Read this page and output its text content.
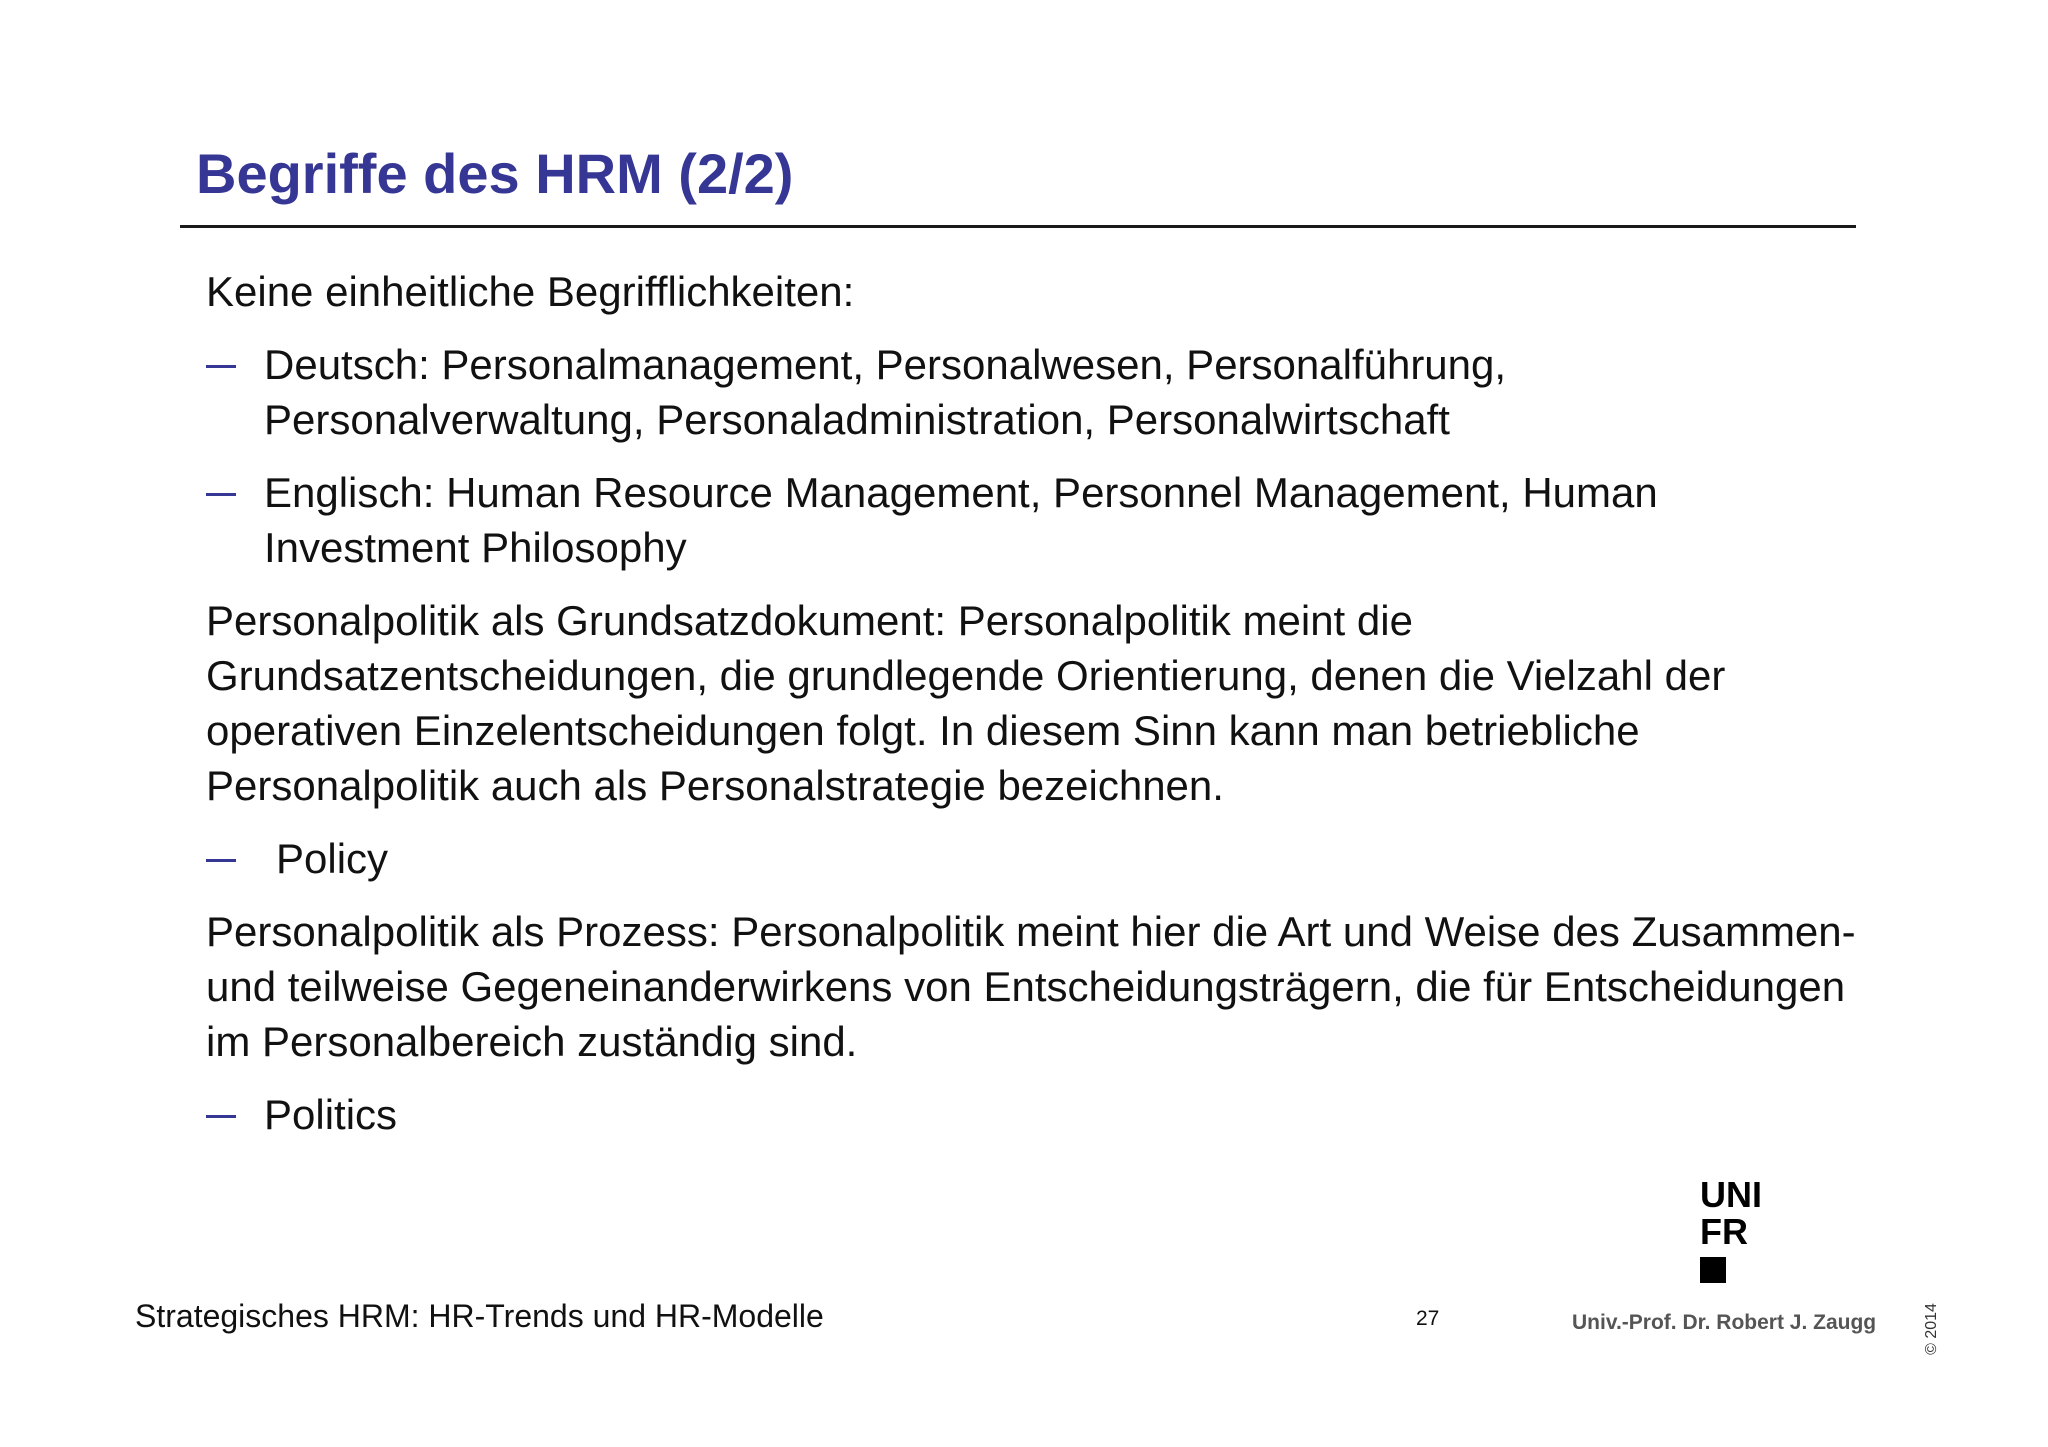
Begriffe des HRM (2/2)
Keine einheitliche Begrifflichkeiten:
Deutsch: Personalmanagement, Personalwesen, Personalführung,
Personalverwaltung, Personaladministration, Personalwirtschaft
Englisch: Human Resource Management, Personnel Management, Human
Investment Philosophy
Personalpolitik als Grundsatzdokument: Personalpolitik meint die Grundsatzentscheidungen, die grundlegende Orientierung, denen die Vielzahl der operativen Einzelentscheidungen folgt. In diesem Sinn kann man betriebliche Personalpolitik auch als Personalstrategie bezeichnen.
Policy
Personalpolitik als Prozess: Personalpolitik meint hier die Art und Weise des Zusammen- und teilweise Gegeneinanderwirkens von Entscheidungsträgern, die für Entscheidungen im Personalbereich zuständig sind.
Politics
UNI
FR
Strategisches HRM: HR-Trends und HR-Modelle	27	Univ.-Prof. Dr. Robert J. Zaugg	© 2014
